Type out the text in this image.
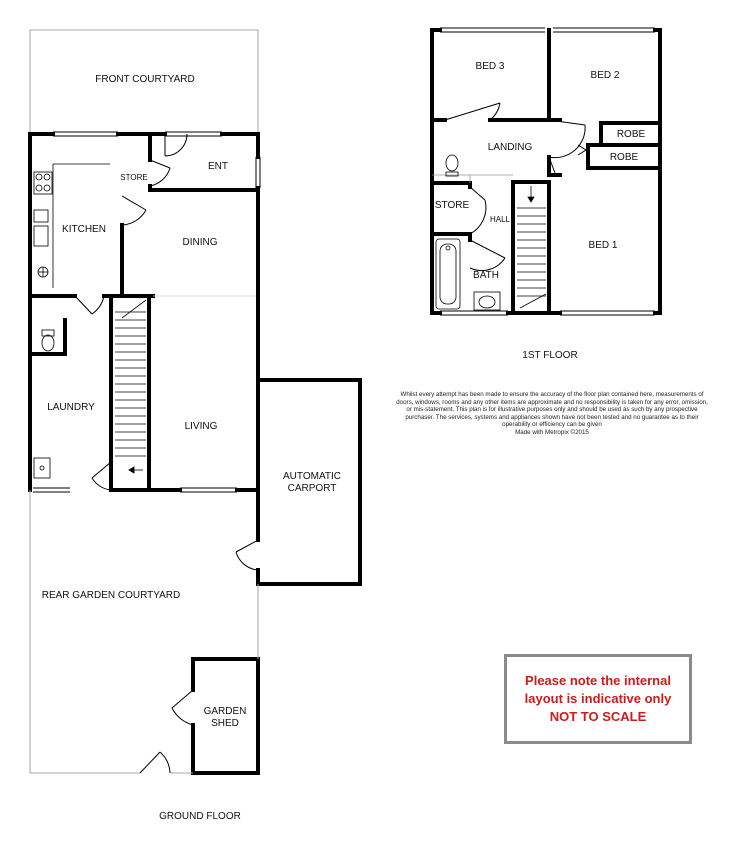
FRONT COURTYARD
STORE
ENT
KITCHEN
DINING
LAUNDRY
LIVING
AUTOMATIC
CARPORT
REAR GARDEN COURTYARD
GARDEN
SHED
BED 3
BED 2
ROBE
ROBE
LANDING
STORE
HALL
BATH
BED 1
GROUND FLOOR
1ST FLOOR
Whilst every attempt has been made to ensure the accuracy of the floor plan contained here, measurements of doors, windows, rooms and any other items are approximate and no responsibility is taken for any error, omission, or mis-statement. This plan is for illustrative purposes only and should be used as such by any prospective purchaser. The services, systems and appliances shown have not been tested and no guarantee as to their operability or efficiency can be given
Made with Metropix ©2015
Please note the internal
layout is indicative only
NOT TO SCALE
